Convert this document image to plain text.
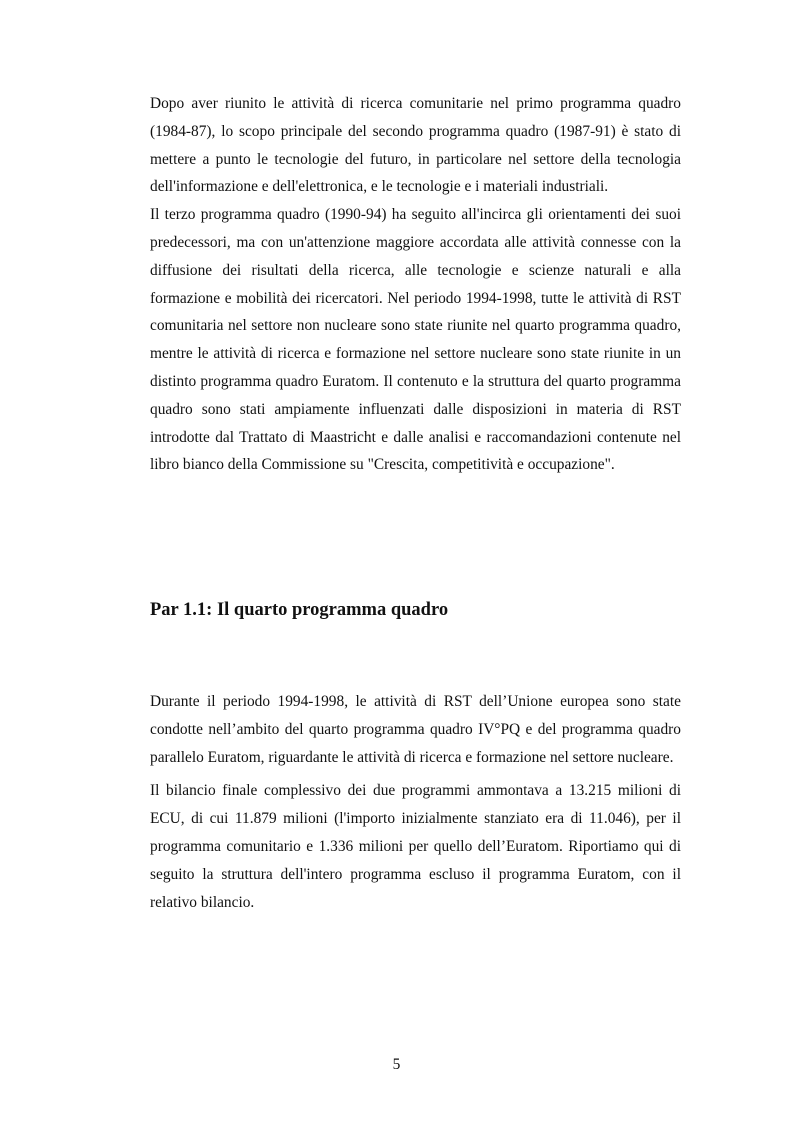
Dopo aver riunito le attività di ricerca comunitarie nel primo programma quadro (1984-87), lo scopo principale del secondo programma quadro (1987-91) è stato di mettere a punto le tecnologie del futuro, in particolare nel settore della tecnologia dell'informazione e dell'elettronica, e le tecnologie e i materiali industriali.

Il terzo programma quadro (1990-94) ha seguito all'incirca gli orientamenti dei suoi predecessori, ma con un'attenzione maggiore accordata alle attività connesse con la diffusione dei risultati della ricerca, alle tecnologie e scienze naturali e alla formazione e mobilità dei ricercatori. Nel periodo 1994-1998, tutte le attività di RST comunitaria nel settore non nucleare sono state riunite nel quarto programma quadro, mentre le attività di ricerca e formazione nel settore nucleare sono state riunite in un distinto programma quadro Euratom. Il contenuto e la struttura del quarto programma quadro sono stati ampiamente influenzati dalle disposizioni in materia di RST introdotte dal Trattato di Maastricht e dalle analisi e raccomandazioni contenute nel libro bianco della Commissione su "Crescita, competitività e occupazione".

Par 1.1: Il quarto programma quadro

Durante il periodo 1994-1998, le attività di RST dell’Unione europea sono state condotte nell’ambito del quarto programma quadro IV°PQ e del programma quadro parallelo Euratom, riguardante le attività di ricerca e formazione nel settore nucleare.

Il bilancio finale complessivo dei due programmi ammontava a 13.215 milioni di ECU, di cui 11.879 milioni (l'importo inizialmente stanziato era di 11.046), per il programma comunitario e 1.336 milioni per quello dell’Euratom. Riportiamo qui di seguito la struttura dell'intero programma escluso il programma Euratom, con il relativo bilancio.

5
